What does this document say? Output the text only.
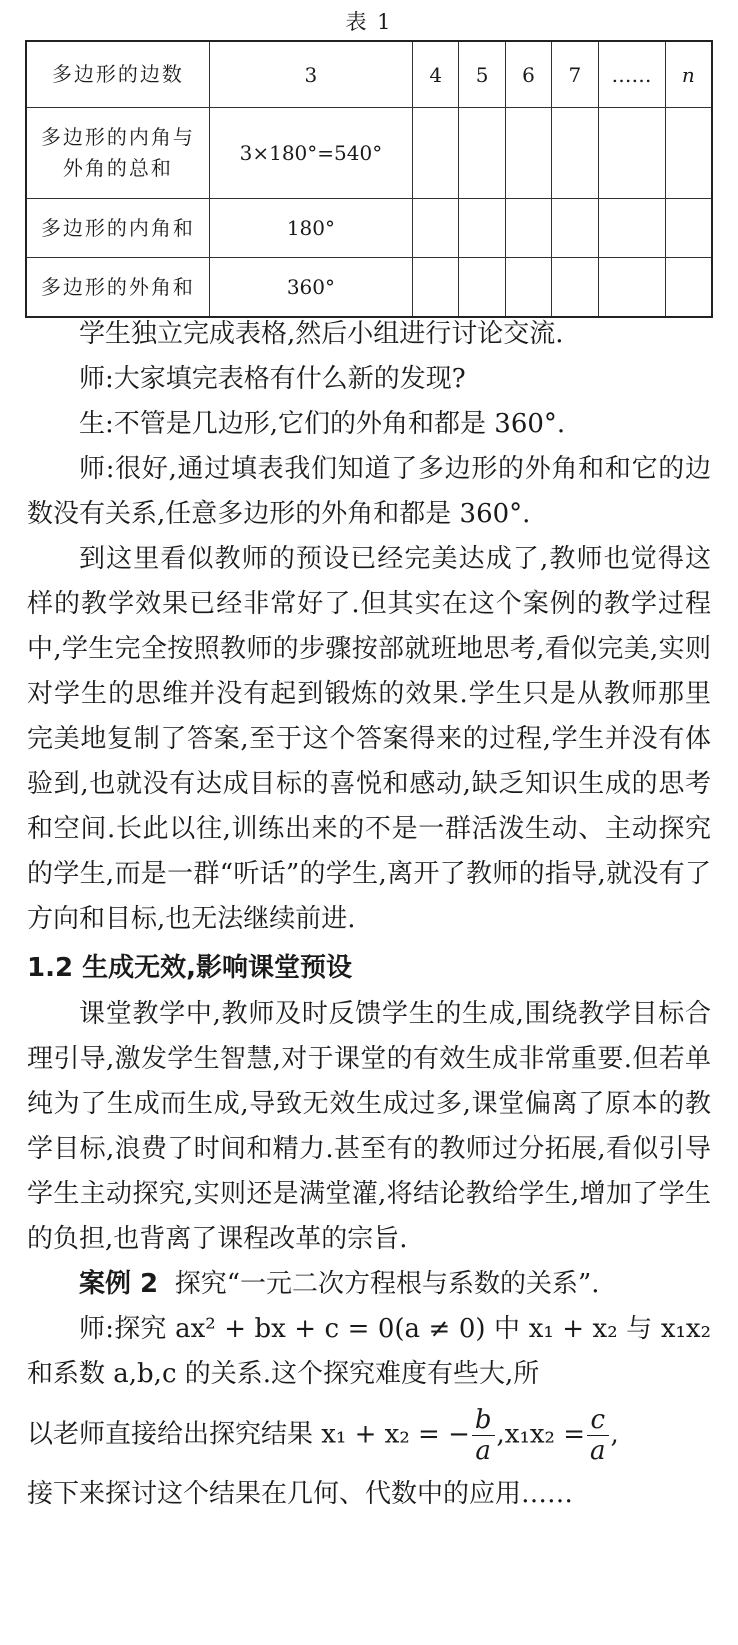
表 1
多边形的边数	3	4	5	6	7	……	n
多边形的内角与外角的总和	3×180°=540°						
多边形的内角和	180°						
多边形的外角和	360°						

学生独立完成表格,然后小组进行讨论交流.

师:大家填完表格有什么新的发现?

生:不管是几边形,它们的外角和都是 360°.

师:很好,通过填表我们知道了多边形的外角和和它的边数没有关系,任意多边形的外角和都是 360°.

到这里看似教师的预设已经完美达成了,教师也觉得这样的教学效果已经非常好了.但其实在这个案例的教学过程中,学生完全按照教师的步骤按部就班地思考,看似完美,实则对学生的思维并没有起到锻炼的效果.学生只是从教师那里完美地复制了答案,至于这个答案得来的过程,学生并没有体验到,也就没有达成目标的喜悦和感动,缺乏知识生成的思考和空间.长此以往,训练出来的不是一群活泼生动、主动探究的学生,而是一群“听话”的学生,离开了教师的指导,就没有了方向和目标,也无法继续前进.

1.2 生成无效,影响课堂预设

课堂教学中,教师及时反馈学生的生成,围绕教学目标合理引导,激发学生智慧,对于课堂的有效生成非常重要.但若单纯为了生成而生成,导致无效生成过多,课堂偏离了原本的教学目标,浪费了时间和精力.甚至有的教师过分拓展,看似引导学生主动探究,实则还是满堂灌,将结论教给学生,增加了学生的负担,也背离了课程改革的宗旨.

案例 2 探究“一元二次方程根与系数的关系”.

师:探究 ax² + bx + c = 0(a ≠ 0) 中 x₁ + x₂ 与 x₁x₂ 和系数 a,b,c 的关系.这个探究难度有些大,所

以老师直接给出探究结果 x₁ + x₂ = − $\frac{b}{a} ,x_1x_2 = \frac{c}{a}$ ,
接下来探讨这个结果在几何、代数中的应用……
